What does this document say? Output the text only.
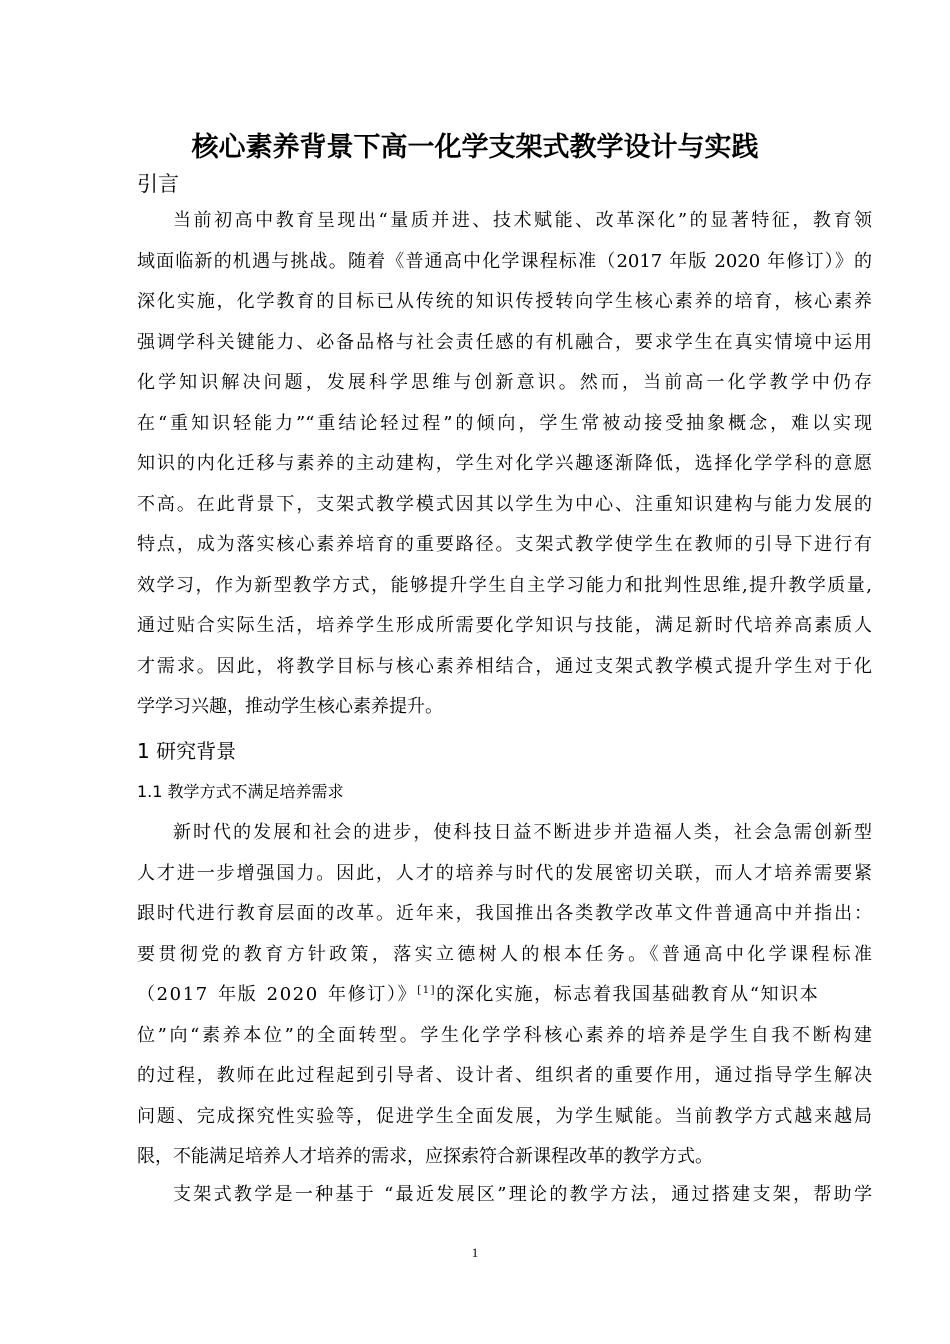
核心素养背景下高一化学支架式教学设计与实践
引言
当前初高中教育呈现出“量质并进、技术赋能、改革深化”的显著特征，教育领
域面临新的机遇与挑战。随着《普通高中化学课程标准（2017 年版 2020 年修订）》的
深化实施，化学教育的目标已从传统的知识传授转向学生核心素养的培育，核心素养
强调学科关键能力、必备品格与社会责任感的有机融合，要求学生在真实情境中运用
化学知识解决问题，发展科学思维与创新意识。然而，当前高一化学教学中仍存
在“重知识轻能力”“重结论轻过程”的倾向，学生常被动接受抽象概念，难以实现
知识的内化迁移与素养的主动建构，学生对化学兴趣逐渐降低，选择化学学科的意愿
不高。在此背景下，支架式教学模式因其以学生为中心、注重知识建构与能力发展的
特点，成为落实核心素养培育的重要路径。支架式教学使学生在教师的引导下进行有
效学习，作为新型教学方式，能够提升学生自主学习能力和批判性思维,提升教学质量,
通过贴合实际生活，培养学生形成所需要化学知识与技能，满足新时代培养高素质人
才需求。因此，将教学目标与核心素养相结合，通过支架式教学模式提升学生对于化
学学习兴趣，推动学生核心素养提升。
1 研究背景
1.1 教学方式不满足培养需求
新时代的发展和社会的进步，使科技日益不断进步并造福人类，社会急需创新型
人才进一步增强国力。因此，人才的培养与时代的发展密切关联，而人才培养需要紧
跟时代进行教育层面的改革。近年来，我国推出各类教学改革文件普通高中并指出：
要贯彻党的教育方针政策，落实立德树人的根本任务。《普通高中化学课程标准
（2017 年版 2020 年修订）》[1]的深化实施，标志着我国基础教育从“知识本
位”向“素养本位”的全面转型。学生化学学科核心素养的培养是学生自我不断构建
的过程，教师在此过程起到引导者、设计者、组织者的重要作用，通过指导学生解决
问题、完成探究性实验等，促进学生全面发展，为学生赋能。当前教学方式越来越局
限，不能满足培养人才培养的需求，应探索符合新课程改革的教学方式。
支架式教学是一种基于 “最近发展区”理论的教学方法，通过搭建支架，帮助学
1
